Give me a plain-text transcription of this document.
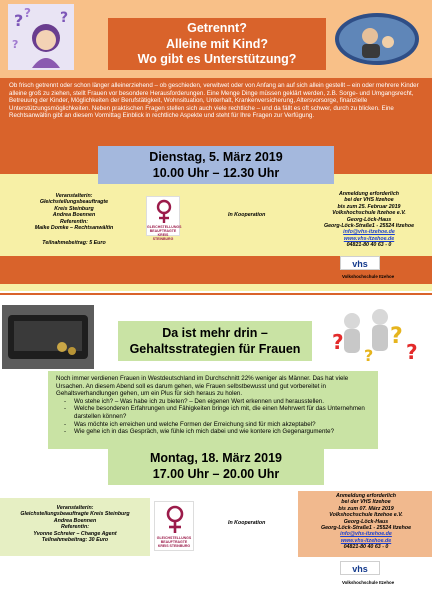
? ? ?
?
Getrennt?
Alleine mit Kind?
Wo gibt es Unterstützung?
Ob frisch getrennt oder schon länger alleinerziehend – ob geschieden, verwitwet oder von Anfang an auf sich allein gestellt – ein oder mehrere Kinder alleine groß zu ziehen, stellt Frauen vor besondere Herausforderungen. Eine Menge Dinge müssen geklärt werden, z.B. Sorge- und Umgangsrecht, Betreuung der Kinder, Möglichkeiten der Berufstätigkeit, Wohnsituation, Unterhalt, Krankenversicherung, Altersvorsorge, finanzielle Unterstützungsmöglichkeiten. Neben praktischen Fragen stellen sich auch viele rechtliche – und da fällt es oft schwer, durch zu blicken. Eine Rechtsanwältin gibt an diesem Vormittag Einblick in rechtliche Aspekte und steht für Ihre Fragen zur Verfügung.
Dienstag, 5. März 2019
10.00 Uhr – 12.30 Uhr
Veranstalterin:
Gleichstellungsbeauftragte
Kreis Steinburg
Andrea Boennen
Referentin:
Maike Domke – Rechtsanwältin
Teilnahmebeitrag: 5 Euro
GLEICHSTELLUNGS BEAUFTRAGTE KREIS STEINBURG
In Kooperation
Anmeldung erforderlich
bei der VHS Itzehoe
bis zum 25. Februar 2019
Volkshochschule Itzehoe e.V.
Georg-Löck-Haus
Georg-Löck-Straße1 - 25524 Itzehoe
info@vhs-itzehoe.de
www.vhs-itzehoe.de
04821-80 40 63 - 0
vhs
Volkshochschule Itzehoe
Da ist mehr drin –
Gehaltsstrategien für Frauen	? ?
?
?
Noch immer verdienen Frauen in Westdeutschland im Durchschnitt 22% weniger als Männer. Das hat viele Ursachen. An diesem Abend soll es darum gehen, wie Frauen selbstbewusst und gut vorbereitet in Gehaltsverhandlungen gehen, um ein Plus für sich heraus zu holen.
- Wo stehe ich? – Was habe ich zu bieten? – Den eigenen Wert erkennen und herausstellen.
- Welche besonderen Erfahrungen und Fähigkeiten bringe ich mit, die einen Mehrwert für das Unternehmen darstellen können?
- Was möchte ich erreichen und welche Formen der Erreichung sind für mich akzeptabel?
- Wie gehe ich in das Gespräch, wie fühle ich mich dabei und wie kontere ich Gegenargumente?
Montag, 18. März 2019
17.00 Uhr – 20.00 Uhr
Veranstalterin:
Gleichstellungsbeauftragte Kreis Steinburg
Andrea Boennen
Referentin:
Yvonne Schreier – Change Agent
Teilnahmebeitrag: 30 Euro	GLEICHSTELLUNGS BEAUFTRAGTE KREIS STEINBURG
In Kooperation
Anmeldung erforderlich
bei der VHS Itzehoe
bis zum 07. März 2019
Volkshochschule Itzehoe e.V.
Georg-Löck-Haus
Georg-Löck-Straße1 - 25524 Itzehoe
info@vhs-itzehoe.de
www.vhs-itzehoe.de
04821-80 40 63 - 0
vhs
Volkshochschule Itzehoe
